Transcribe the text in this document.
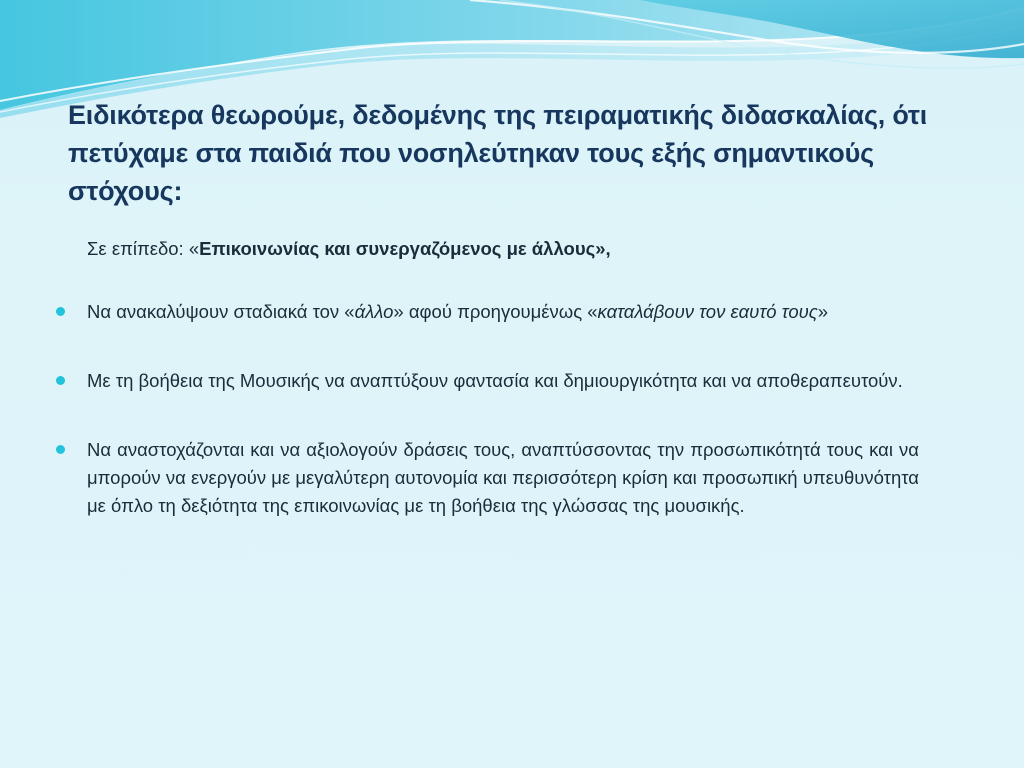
Ειδικότερα θεωρούμε, δεδομένης της πειραματικής διδασκαλίας, ότι πετύχαμε στα παιδιά που νοσηλεύτηκαν τους εξής σημαντικούς στόχους:
Σε επίπεδο: «Επικοινωνίας και συνεργαζόμενος με άλλους»,
Να ανακαλύψουν σταδιακά τον «άλλο» αφού προηγουμένως «καταλάβουν τον εαυτό τους»
Με τη βοήθεια της Μουσικής να αναπτύξουν φαντασία και δημιουργικότητα και να αποθεραπευτούν.
Να αναστοχάζονται και να αξιολογούν δράσεις τους, αναπτύσσοντας την προσωπικότητά τους και να μπορούν να ενεργούν με μεγαλύτερη αυτονομία και περισσότερη κρίση και προσωπική υπευθυνότητα με όπλο τη δεξιότητα της επικοινωνίας με τη βοήθεια της γλώσσας της μουσικής.
